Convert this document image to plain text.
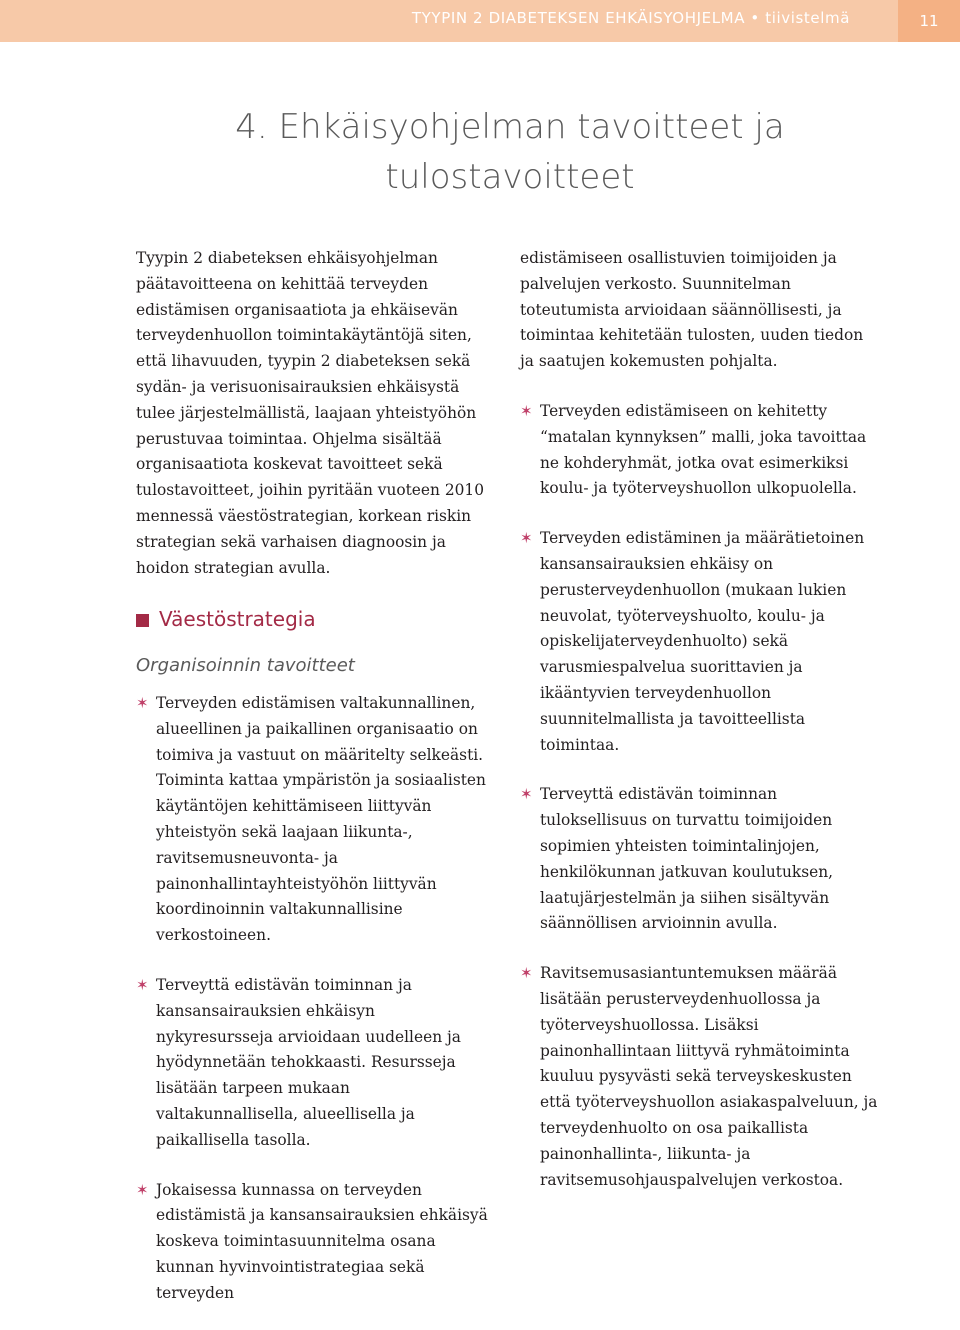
TYYPIN 2 DIABETEKSEN EHKÄISYOHJELMA • tiivistelmä	11
4. Ehkäisyohjelman tavoitteet ja tulostavoitteet

Tyypin 2 diabeteksen ehkäisyohjelman päätavoitteena on kehittää terveyden edistämisen organisaatiota ja ehkäisevän terveydenhuollon toimintakäytäntöjä siten, että lihavuuden, tyypin 2 diabeteksen sekä sydän- ja verisuonisairauksien ehkäisystä tulee järjestelmällistä, laajaan yhteistyöhön perustuvaa toimintaa. Ohjelma sisältää organisaatiota koskevat tavoitteet sekä tulostavoitteet, joihin pyritään vuoteen 2010 mennessä väestöstrategian, korkean riskin strategian sekä varhaisen diagnoosin ja hoidon strategian avulla.

Väestöstrategia
Organisoinnin tavoitteet
✶ Terveyden edistämisen valtakunnallinen, alueellinen ja paikallinen organisaatio on toimiva ja vastuut on määritelty selkeästi. Toiminta kattaa ympäristön ja sosiaalisten käytäntöjen kehittämiseen liittyvän yhteistyön sekä laajaan liikunta-, ravitsemusneuvonta- ja painonhallintayhteistyöhön liittyvän koordinoinnin valtakunnallisine verkostoineen.

✶ Terveyttä edistävän toiminnan ja kansansairauksien ehkäisyn nykyresursseja arvioidaan uudelleen ja hyödynnetään tehokkaasti. Resursseja lisätään tarpeen mukaan valtakunnallisella, alueellisella ja paikallisella tasolla.

✶ Jokaisessa kunnassa on terveyden edistämistä ja kansansairauksien ehkäisyä koskeva toimintasuunnitelma osana kunnan hyvinvointistrategiaa sekä terveyden

edistämiseen osallistuvien toimijoiden ja palvelujen verkosto. Suunnitelman toteutumista arvioidaan säännöllisesti, ja toimintaa kehitetään tulosten, uuden tiedon ja saatujen kokemusten pohjalta.

✶ Terveyden edistämiseen on kehitetty “matalan kynnyksen” malli, joka tavoittaa ne kohderyhmät, jotka ovat esimerkiksi koulu- ja työterveyshuollon ulkopuolella.

✶ Terveyden edistäminen ja määrätietoinen kansansairauksien ehkäisy on perusterveydenhuollon (mukaan lukien neuvolat, työterveyshuolto, koulu- ja opiskelijaterveydenhuolto) sekä varusmiespalvelua suorittavien ja ikääntyvien terveydenhuollon suunnitelmallista ja tavoitteellista toimintaa.

✶ Terveyttä edistävän toiminnan tuloksellisuus on turvattu toimijoiden sopimien yhteisten toimintalinjojen, henkilökunnan jatkuvan koulutuksen, laatujärjestelmän ja siihen sisältyvän säännöllisen arvioinnin avulla.

✶ Ravitsemusasiantuntemuksen määrää lisätään perusterveydenhuollossa ja työterveyshuollossa. Lisäksi painonhallintaan liittyvä ryhmätoiminta kuuluu pysyvästi sekä terveyskeskusten että työterveyshuollon asiakaspalveluun, ja terveydenhuolto on osa paikallista painonhallinta-, liikunta- ja ravitsemusohjauspalvelujen verkostoa.
